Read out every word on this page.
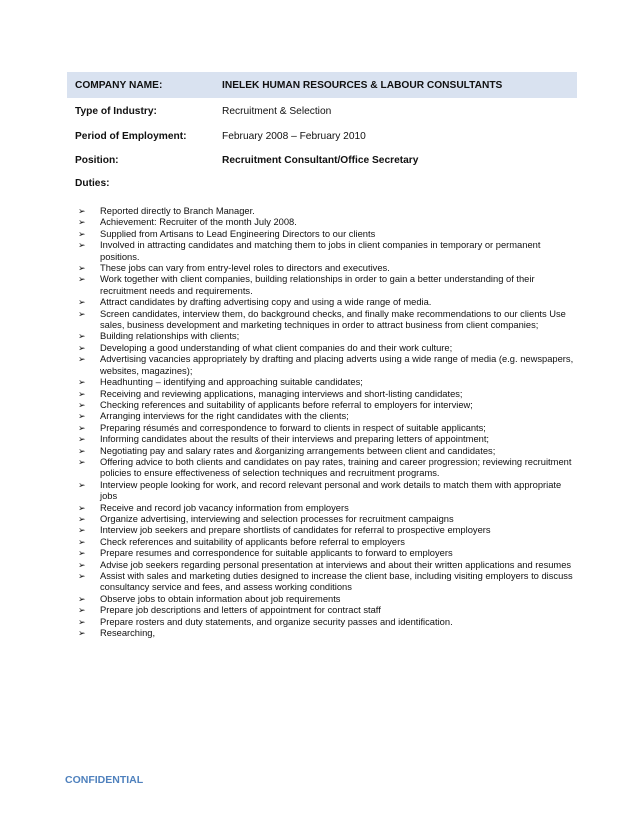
COMPANY NAME:	INELEK HUMAN RESOURCES & LABOUR CONSULTANTS
Type of Industry:	Recruitment & Selection
Period of Employment:	February 2008 – February 2010
Position:	Recruitment Consultant/Office Secretary
Duties:
➢	Reported directly to Branch Manager.
➢	Achievement: Recruiter of the month July 2008.
➢	Supplied from Artisans to Lead Engineering Directors to our clients
➢	Involved in attracting candidates and matching them to jobs in client companies in temporary or permanent positions.
➢	These jobs can vary from entry-level roles to directors and executives.
➢	Work together with client companies, building relationships in order to gain a better understanding of their recruitment needs and requirements.
➢	Attract candidates by drafting advertising copy and using a wide range of media.
➢	Screen candidates, interview them, do background checks, and finally make recommendations to our clients Use sales, business development and marketing techniques in order to attract business from client companies;
➢	Building relationships with clients;
➢	Developing a good understanding of what client companies do and their work culture;
➢	Advertising vacancies appropriately by drafting and placing adverts using a wide range of media (e.g. newspapers, websites, magazines);
➢	Headhunting – identifying and approaching suitable candidates;
➢	Receiving and reviewing applications, managing interviews and short-listing candidates;
➢	Checking references and suitability of applicants before referral to employers for interview;
➢	Arranging interviews for the right candidates with the clients;
➢	Preparing résumés and correspondence to forward to clients in respect of suitable applicants;
➢	Informing candidates about the results of their interviews and preparing letters of appointment;
➢	Negotiating pay and salary rates and &organizing arrangements between client and candidates;
➢	Offering advice to both clients and candidates on pay rates, training and career progression; reviewing recruitment policies to ensure effectiveness of selection techniques and recruitment programs.
➢	Interview people looking for work, and record relevant personal and work details to match them with appropriate jobs
➢	Receive and record job vacancy information from employers
➢	Organize advertising, interviewing and selection processes for recruitment campaigns
➢	Interview job seekers and prepare shortlists of candidates for referral to prospective employers
➢	Check references and suitability of applicants before referral to employers
➢	Prepare resumes and correspondence for suitable applicants to forward to employers
➢	Advise job seekers regarding personal presentation at interviews and about their written applications and resumes
➢	Assist with sales and marketing duties designed to increase the client base, including visiting employers to discuss consultancy service and fees, and assess working conditions
➢	Observe jobs to obtain information about job requirements
➢	Prepare job descriptions and letters of appointment for contract staff
➢	Prepare rosters and duty statements, and organize security passes and identification.
➢	Researching,
CONFIDENTIAL
